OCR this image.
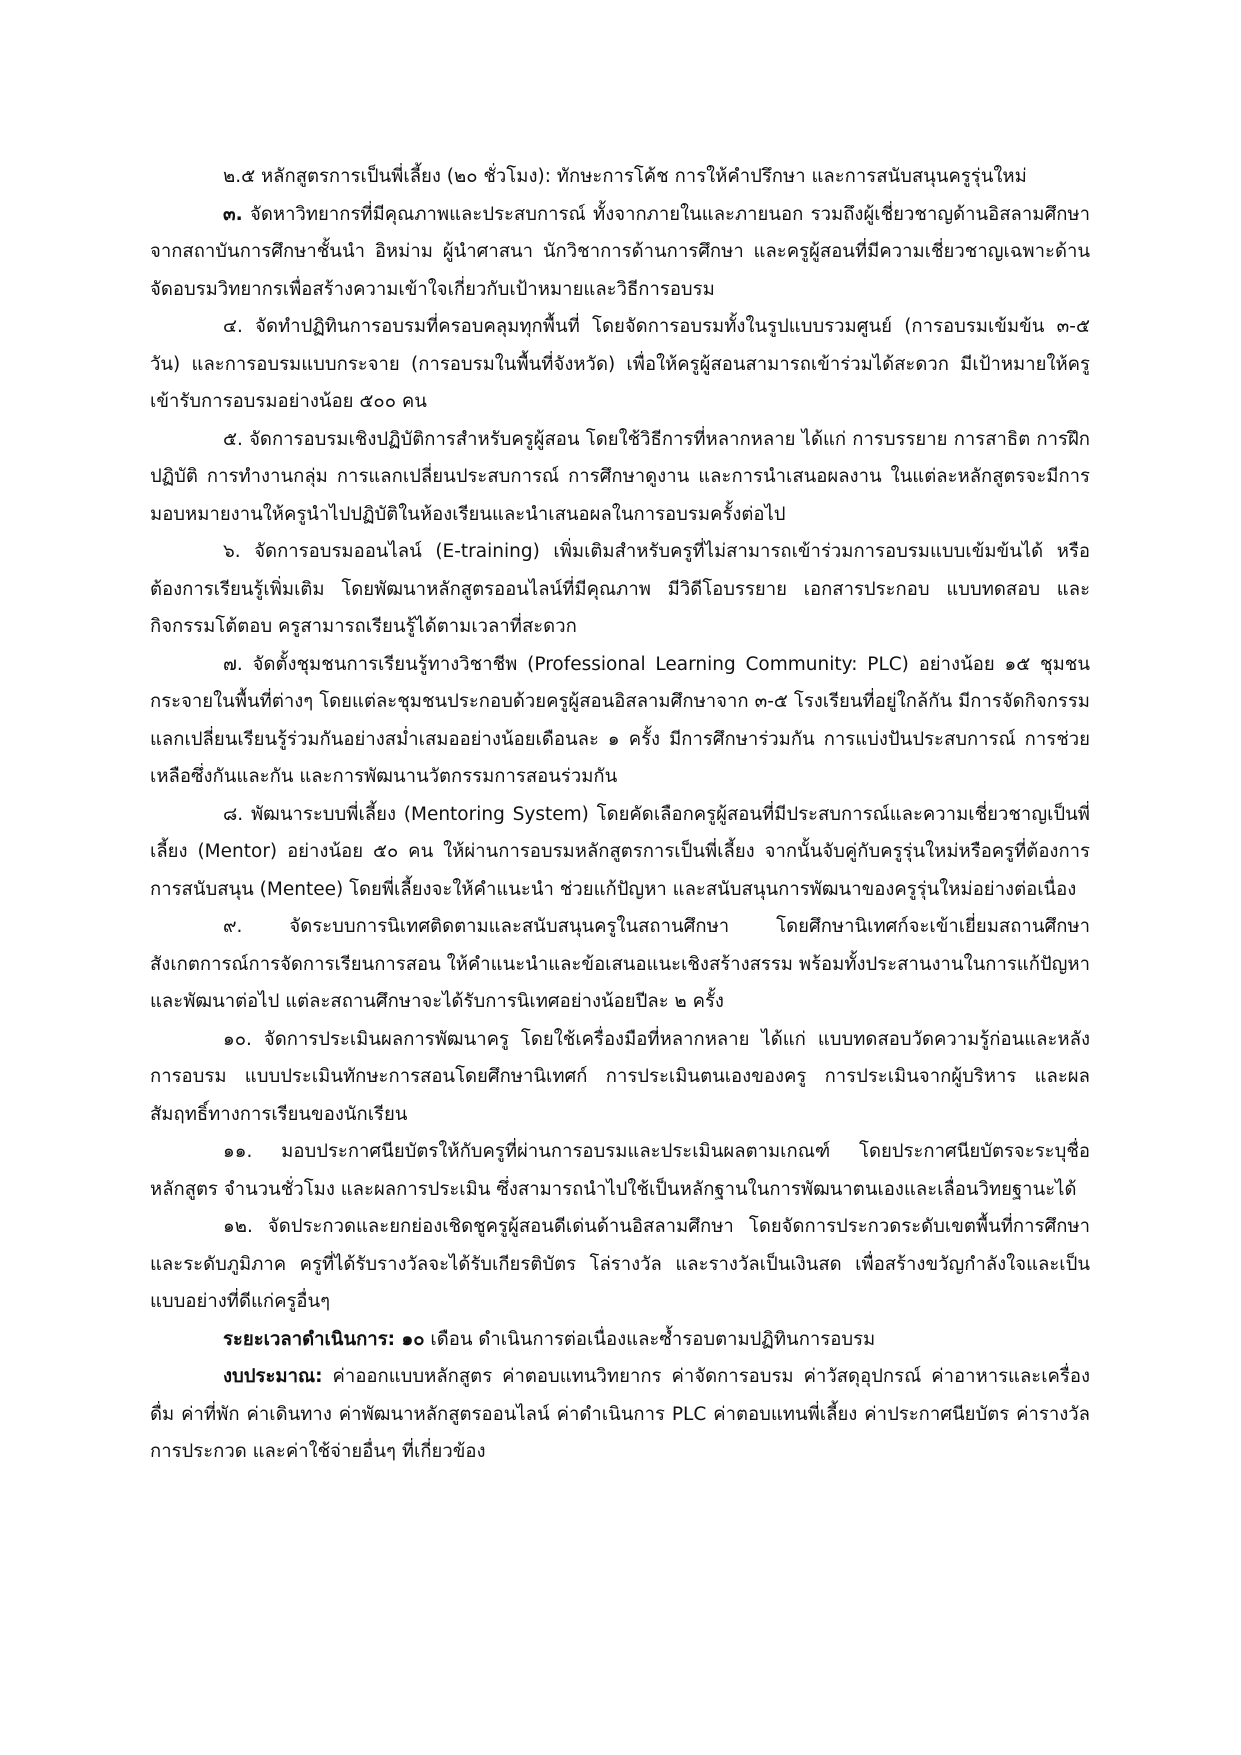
๒.๕ หลักสูตรการเป็นพี่เลี้ยง (๒๐ ชั่วโมง): ทักษะการโค้ช การให้คำปรึกษา และการสนับสนุนครูรุ่นใหม่

๓. จัดหาวิทยากรที่มีคุณภาพและประสบการณ์ ทั้งจากภายในและภายนอก รวมถึงผู้เชี่ยวชาญด้านอิสลามศึกษาจากสถาบันการศึกษาชั้นนำ อิหม่าม ผู้นำศาสนา นักวิชาการด้านการศึกษา และครูผู้สอนที่มีความเชี่ยวชาญเฉพาะด้าน จัดอบรมวิทยากรเพื่อสร้างความเข้าใจเกี่ยวกับเป้าหมายและวิธีการอบรม

๔. จัดทำปฏิทินการอบรมที่ครอบคลุมทุกพื้นที่ โดยจัดการอบรมทั้งในรูปแบบรวมศูนย์ (การอบรมเข้มข้น ๓-๕ วัน) และการอบรมแบบกระจาย (การอบรมในพื้นที่จังหวัด) เพื่อให้ครูผู้สอนสามารถเข้าร่วมได้สะดวก มีเป้าหมายให้ครูเข้ารับการอบรมอย่างน้อย ๕๐๐ คน

๕. จัดการอบรมเชิงปฏิบัติการสำหรับครูผู้สอน โดยใช้วิธีการที่หลากหลาย ได้แก่ การบรรยาย การสาธิต การฝึกปฏิบัติ การทำงานกลุ่ม การแลกเปลี่ยนประสบการณ์ การศึกษาดูงาน และการนำเสนอผลงาน ในแต่ละหลักสูตรจะมีการมอบหมายงานให้ครูนำไปปฏิบัติในห้องเรียนและนำเสนอผลในการอบรมครั้งต่อไป

๖. จัดการอบรมออนไลน์ (E-training) เพิ่มเติมสำหรับครูที่ไม่สามารถเข้าร่วมการอบรมแบบเข้มข้นได้ หรือต้องการเรียนรู้เพิ่มเติม โดยพัฒนาหลักสูตรออนไลน์ที่มีคุณภาพ มีวิดีโอบรรยาย เอกสารประกอบ แบบทดสอบ และกิจกรรมโต้ตอบ ครูสามารถเรียนรู้ได้ตามเวลาที่สะดวก

๗. จัดตั้งชุมชนการเรียนรู้ทางวิชาชีพ (Professional Learning Community: PLC) อย่างน้อย ๑๕ ชุมชน กระจายในพื้นที่ต่างๆ โดยแต่ละชุมชนประกอบด้วยครูผู้สอนอิสลามศึกษาจาก ๓-๕ โรงเรียนที่อยู่ใกล้กัน มีการจัดกิจกรรมแลกเปลี่ยนเรียนรู้ร่วมกันอย่างสม่ำเสมออย่างน้อยเดือนละ ๑ ครั้ง มีการศึกษาร่วมกัน การแบ่งปันประสบการณ์ การช่วยเหลือซึ่งกันและกัน และการพัฒนานวัตกรรมการสอนร่วมกัน

๘. พัฒนาระบบพี่เลี้ยง (Mentoring System) โดยคัดเลือกครูผู้สอนที่มีประสบการณ์และความเชี่ยวชาญเป็นพี่เลี้ยง (Mentor) อย่างน้อย ๕๐ คน ให้ผ่านการอบรมหลักสูตรการเป็นพี่เลี้ยง จากนั้นจับคู่กับครูรุ่นใหม่หรือครูที่ต้องการการสนับสนุน (Mentee) โดยพี่เลี้ยงจะให้คำแนะนำ ช่วยแก้ปัญหา และสนับสนุนการพัฒนาของครูรุ่นใหม่อย่างต่อเนื่อง

๙. จัดระบบการนิเทศติดตามและสนับสนุนครูในสถานศึกษา โดยศึกษานิเทศก์จะเข้าเยี่ยมสถานศึกษา สังเกตการณ์การจัดการเรียนการสอน ให้คำแนะนำและข้อเสนอแนะเชิงสร้างสรรม พร้อมทั้งประสานงานในการแก้ปัญหาและพัฒนาต่อไป แต่ละสถานศึกษาจะได้รับการนิเทศอย่างน้อยปีละ ๒ ครั้ง

๑๐. จัดการประเมินผลการพัฒนาครู โดยใช้เครื่องมือที่หลากหลาย ได้แก่ แบบทดสอบวัดความรู้ก่อนและหลังการอบรม แบบประเมินทักษะการสอนโดยศึกษานิเทศก์ การประเมินตนเองของครู การประเมินจากผู้บริหาร และผลสัมฤทธิ์ทางการเรียนของนักเรียน

๑๑. มอบประกาศนียบัตรให้กับครูที่ผ่านการอบรมและประเมินผลตามเกณฑ์ โดยประกาศนียบัตรจะระบุชื่อหลักสูตร จำนวนชั่วโมง และผลการประเมิน ซึ่งสามารถนำไปใช้เป็นหลักฐานในการพัฒนาตนเองและเลื่อนวิทยฐานะได้

๑๒. จัดประกวดและยกย่องเชิดชูครูผู้สอนดีเด่นด้านอิสลามศึกษา โดยจัดการประกวดระดับเขตพื้นที่การศึกษาและระดับภูมิภาค ครูที่ได้รับรางวัลจะได้รับเกียรติบัตร โล่รางวัล และรางวัลเป็นเงินสด เพื่อสร้างขวัญกำลังใจและเป็นแบบอย่างที่ดีแก่ครูอื่นๆ

ระยะเวลาดำเนินการ: ๑๐ เดือน ดำเนินการต่อเนื่องและซ้ำรอบตามปฏิทินการอบรม

งบประมาณ: ค่าออกแบบหลักสูตร ค่าตอบแทนวิทยากร ค่าจัดการอบรม ค่าวัสดุอุปกรณ์ ค่าอาหารและเครื่องดื่ม ค่าที่พัก ค่าเดินทาง ค่าพัฒนาหลักสูตรออนไลน์ ค่าดำเนินการ PLC ค่าตอบแทนพี่เลี้ยง ค่าประกาศนียบัตร ค่ารางวัลการประกวด และค่าใช้จ่ายอื่นๆ ที่เกี่ยวข้อง
